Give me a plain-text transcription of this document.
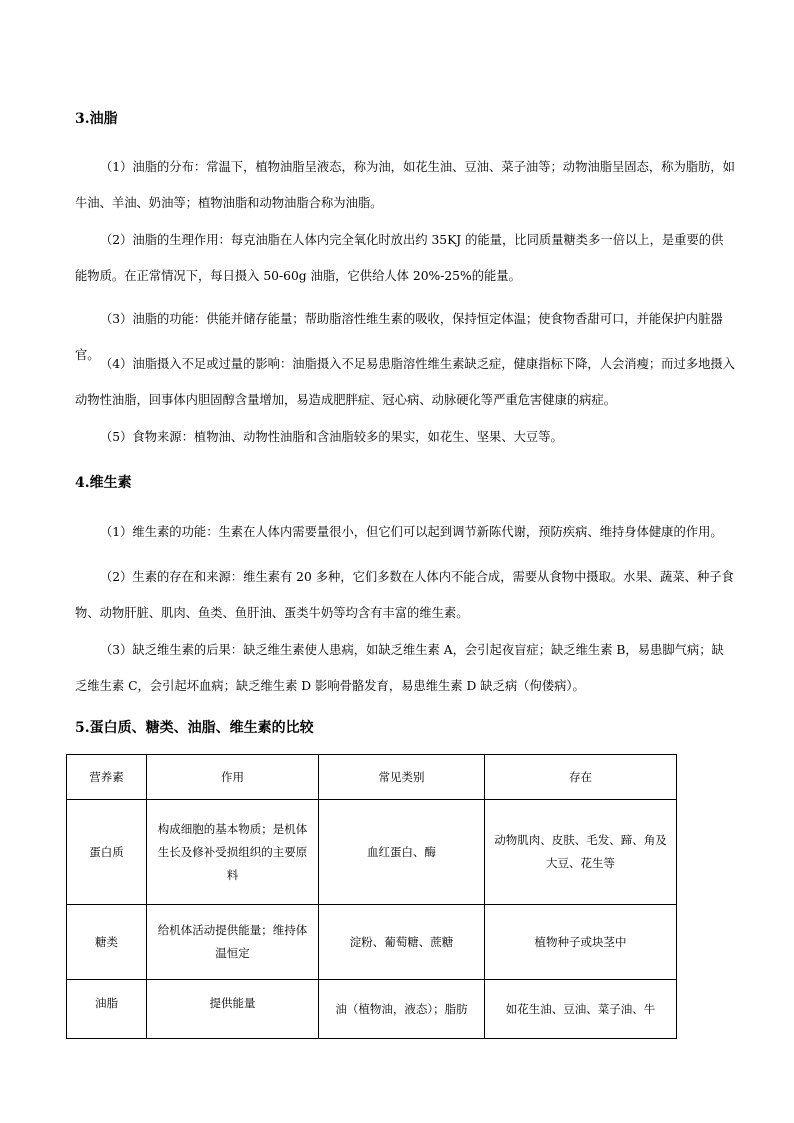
3.油脂
（1）油脂的分布：常温下，植物油脂呈液态，称为油，如花生油、豆油、菜子油等；动物油脂呈固态，称为脂肪，如牛油、羊油、奶油等；植物油脂和动物油脂合称为油脂。
（2）油脂的生理作用：每克油脂在人体内完全氧化时放出约 35KJ 的能量，比同质量糖类多一倍以上，是重要的供能物质。在正常情况下，每日摄入 50-60g 油脂，它供给人体 20%-25%的能量。
（3）油脂的功能：供能并储存能量；帮助脂溶性维生素的吸收，保持恒定体温；使食物香甜可口，并能保护内脏器官。
（4）油脂摄入不足或过量的影响：油脂摄入不足易患脂溶性维生素缺乏症，健康指标下降，人会消瘦；而过多地摄入动物性油脂，回事体内胆固醇含量增加，易造成肥胖症、冠心病、动脉硬化等严重危害健康的病症。
（5）食物来源：植物油、动物性油脂和含油脂较多的果实，如花生、坚果、大豆等。
4.维生素
（1）维生素的功能：生素在人体内需要量很小，但它们可以起到调节新陈代谢，预防疾病、维持身体健康的作用。
（2）生素的存在和来源：维生素有 20 多种，它们多数在人体内不能合成，需要从食物中摄取。水果、蔬菜、种子食物、动物肝脏、肌肉、鱼类、鱼肝油、蛋类牛奶等均含有丰富的维生素。
（3）缺乏维生素的后果：缺乏维生素使人患病，如缺乏维生素 A，会引起夜盲症；缺乏维生素 B，易患脚气病；缺乏维生素 C，会引起坏血病；缺乏维生素 D 影响骨骼发育，易患维生素 D 缺乏病（佝偻病）。
5.蛋白质、糖类、油脂、维生素的比较
营养素	作用	常见类别	存在
蛋白质	构成细胞的基本物质；是机体生长及修补受损组织的主要原料	血红蛋白、酶	动物肌肉、皮肤、毛发、蹄、角及大豆、花生等
糖类	给机体活动提供能量；维持体温恒定	淀粉、葡萄糖、蔗糖	植物种子或块茎中
油脂	提供能量	油（植物油，液态）；脂肪	如花生油、豆油、菜子油、牛
